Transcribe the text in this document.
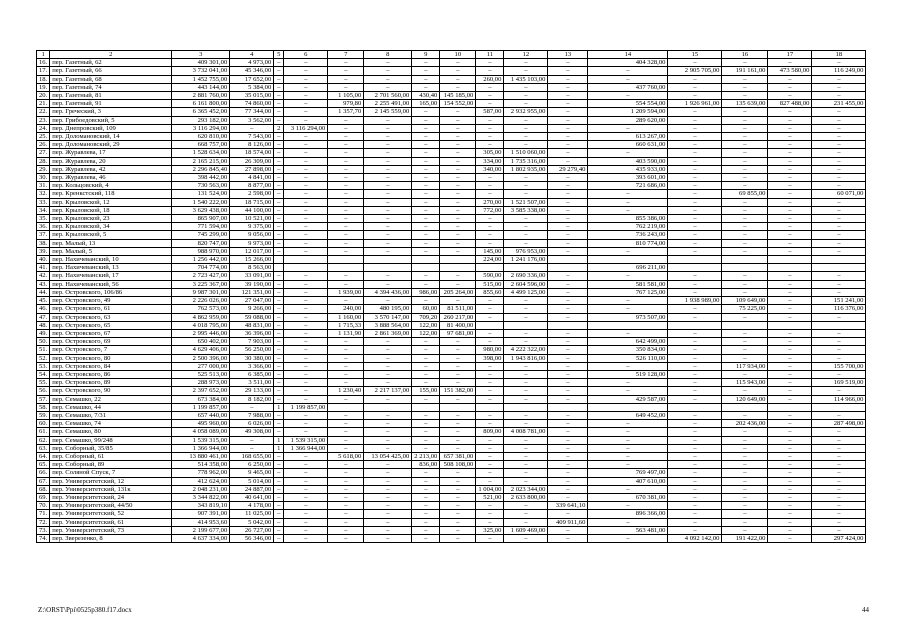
1	2	3	4	5	6	7	8	9	10	11	12	13	14	15	16	17	18
16.	пер. Газетный, 62	409 301,00	4 973,00	–	–	–	–	–	–	–	–	–	404 328,00	–	–	–	–
17.	пер. Газетный, 66	3 732 041,00	45 346,00	–	–	–	–	–	–	–	–	–	–	2 905 705,00	191 161,00	473 580,00	116 249,00
18.	пер. Газетный, 68	1 452 755,00	17 652,00	–	–	–	–	–	–	260,00	1 435 103,00	–	–	–	–	–	–
19.	пер. Газетный, 74	443 144,00	5 384,00	–	–	–	–	–	–	–	–	–	437 760,00	–	–	–	–
20.	пер. Газетный, 81	2 881 760,00	35 015,00	–	–	1 105,00	2 701 560,00	430,40	145 185,00	–	–	–	–	–	–	–	–
21.	пер. Газетный, 91	6 161 800,00	74 860,00	–	–	979,80	2 255 491,00	165,00	154 552,00	–	–	–	554 554,00	1 926 961,00	135 639,00	827 488,00	231 455,00
22.	пер. Греческий, 3	6 365 452,00	77 344,00	–	–	1 357,70	2 145 559,00	–	–	587,00	2 932 955,00	–	1 209 594,00	–	–	–	–
23.	пер. Грибоедовский, 5	293 182,00	3 562,00	–	–	–	–	–	–	–	–	–	289 620,00	–	–	–	–
24.	пер. Днепровский, 109	3 116 294,00	–	2	3 116 294,00	–	–	–	–	–	–	–	–	–	–	–	–
25.	пер. Доломановский, 14	620 810,00	7 543,00	–	–	–	–	–	–	–	–	–	613 267,00	–	–	–	–
26.	пер. Доломановский, 29	668 757,00	8 126,00	–	–	–	–	–	–	–	–	–	660 631,00	–	–	–	–
27.	пер. Журавлева, 17	1 528 634,00	18 574,00	–	–	–	–	–	–	305,00	1 510 060,00	–	–	–	–	–	–
28.	пер. Журавлева, 20	2 165 215,00	26 309,00	–	–	–	–	–	–	334,00	1 735 316,00	–	403 590,00	–	–	–	–
29.	пер. Журавлева, 42	2 296 845,40	27 898,00	–	–	–	–	–	–	340,00	1 802 935,00	29 279,40	435 933,00	–	–	–	–
30.	пер. Журавлева, 46	398 442,00	4 841,00	–	–	–	–	–	–	–	–	–	393 601,00	–	–	–	–
31.	пер. Кольцовский, 4	730 563,00	8 877,00	–	–	–	–	–	–	–	–	–	721 686,00	–	–	–	–
32.	пер. Кренкстский, 118	131 524,00	2 598,00	–	–	–	–	–	–	–	–	–	–	–	69 855,00	–	60 071,00
33.	пер. Крыловской, 12	1 540 222,00	18 715,00	–	–	–	–	–	–	270,00	1 521 507,00	–	–	–	–	–	–
34.	пер. Крыловской, 18	3 629 438,00	44 100,00	–	–	–	–	–	–	772,00	3 585 338,00	–	–	–	–	–	–
35.	пер. Крыловской, 23	865 907,00	10 521,00	–	–	–	–	–	–	–	–	–	855 386,00	–	–	–	–
36.	пер. Крыловской, 34	771 594,00	9 375,00	–	–	–	–	–	–	–	–	–	762 219,00	–	–	–	–
37.	пер. Крыловской, 5	745 299,00	9 056,00	–	–	–	–	–	–	–	–	–	736 243,00	–	–	–	–
38.	пер. Малый, 13	820 747,00	9 973,00	–	–	–	–	–	–	–	–	–	810 774,00	–	–	–	–
39.	пер. Малый, 5	988 970,00	12 017,00	–	–	–	–	–	–	145,00	976 953,00	–	–	–	–	–	–
40.	пер. Нахичеванский, 10	1 256 442,00	15 266,00							224,00	1 241 176,00						
41.	пер. Нахичеванский, 13	704 774,00	8 563,00										696 211,00				
42.	пер. Нахичеванский, 17	2 723 427,00	33 091,00	–	–	–	–	–	–	590,00	2 690 336,00	–	–	–	–	–	–
43.	пер. Нахичеванский, 56	3 225 367,00	39 190,00	–	–	–	–	–	–	515,00	2 604 596,00	–	581 581,00	–	–	–	–
44.	пер. Островского, 106/86	9 987 301,00	121 351,00	–	–	1 939,00	4 394 436,00	986,00	205 264,00	855,60	4 499 125,00	–	767 125,00	–	–	–	–
45.	пер. Островского, 49	2 226 026,00	27 047,00	–	–	–	–	–	–	–	–	–	–	1 938 989,00	109 649,00	–	151 241,00
46.	пер. Островского, 61	762 573,00	9 266,00	–	–	240,00	480 195,00	60,00	81 511,00	–	–	–	–	–	75 225,00	–	116 376,00
47.	пер. Островского, 63	4 862 959,00	59 088,00	–	–	1 160,00	3 570 147,00	709,20	260 217,00	–	–	–	973 507,00	–	–	–	–
48.	пер. Островского, 65	4 018 795,00	48 831,00	–	–	1 715,33	3 888 564,00	122,00	81 400,00								
49.	пер. Островского, 67	2 995 446,00	36 396,00	–	–	1 131,90	2 861 369,00	122,00	97 681,00	–	–	–	–	–	–	–	–
50.	пер. Островского, 69	650 402,00	7 903,00	–	–	–	–	–	–	–	–	–	642 499,00	–	–	–	–
51.	пер. Островского, 7	4 629 406,00	56 250,00	–	–	–	–	–	–	980,00	4 222 322,00	–	350 834,00	–	–	–	–
52.	пер. Островского, 80	2 500 396,00	30 380,00	–	–	–	–	–	–	398,00	1 943 816,00	–	526 110,00	–	–	–	–
53.	пер. Островского, 84	277 000,00	3 366,00	–	–	–	–	–	–	–	–	–	–	–	117 934,00	–	155 700,00
54.	пер. Островского, 86	525 513,00	6 385,00	–	–	–	–	–	–	–	–	–	519 128,00	–	–	–	–
55.	пер. Островского, 89	288 973,00	3 511,00	–	–	–	–	–	–	–	–	–	–	–	115 943,00	–	169 519,00
56.	пер. Островского, 90	2 397 652,00	29 133,00	–	–	1 230,40	2 217 137,00	155,00	151 382,00	–	–	–	–	–	–	–	–
57.	пер. Семашко, 22	673 384,00	8 182,00	–	–	–	–	–	–	–	–	–	429 587,00	–	120 649,00	–	114 966,00
58.	пер. Семашко, 44	1 199 857,00	–	1	1 199 857,00												
59.	пер. Семашко, 7/31	657 440,00	7 988,00	–	–	–	–	–	–	–	–	–	649 452,00	–	–	–	–
60.	пер. Семашко, 74	495 960,00	6 026,00	–	–	–	–	–	–	–	–	–	–	–	202 436,00	–	287 498,00
61.	пер. Семашко, 80	4 058 089,00	49 308,00	–	–	–	–	–	–	809,00	4 008 781,00	–	–	–	–	–	–
62.	пер. Семашко, 99/248	1 539 315,00	–	1	1 539 315,00	–	–	–	–	–	–	–	–	–	–	–	–
63.	пер. Соборный, 35/85	1 366 944,00	–	1	1 366 944,00	–	–	–	–	–	–	–	–	–	–	–	–
64.	пер. Соборный, 61	13 880 461,00	168 655,00	–	–	5 618,00	13 054 425,00	2 213,00	657 381,00	–	–	–	–	–	–	–	–
65.	пер. Соборный, 89	514 358,00	6 250,00	–	–	–	–	836,00	508 108,00	–	–	–	–	–	–	–	–
66.	пер. Соляной Спуск, 7	778 962,00	9 465,00	–	–	–	–	–	–	–	–	–	769 497,00	–	–	–	–
67.	пер. Университетский, 12	412 624,00	5 014,00	–	–	–	–	–	–	–	–	–	407 610,00	–	–	–	–
68.	пер. Университетский, 131к	2 048 231,00	24 887,00	–	–	–	–	–	–	1 004,00	2 023 344,00	–	–	–	–	–	–
69.	пер. Университетский, 24	3 344 822,00	40 641,00	–	–	–	–	–	–	521,00	2 633 800,00	–	670 381,00	–	–	–	–
70.	пер. Университетский, 44/50	343 819,10	4 178,00	–	–	–	–	–	–	–	–	339 641,10	–	–	–	–	–
71.	пер. Университетский, 52	907 391,00	11 025,00	–	–	–	–	–	–	–	–	–	896 366,00	–	–	–	–
72.	пер. Университетский, 61	414 953,60	5 042,00	–	–	–	–	–	–	–	–	409 911,60	–	–	–	–	–
73.	пер. Университетский, 73	2 199 677,00	26 727,00	–	–	–	–	–	–	325,00	1 609 469,00	–	563 481,00	–	–	–	–
74.	пер. Зверезенко, 8	4 637 334,00	56 346,00	–	–	–	–	–	–	–	–	–	–	4 092 142,00	191 422,00	–	297 424,00
Z:\ORST\Ppi\0525p380.f17.docx	44
